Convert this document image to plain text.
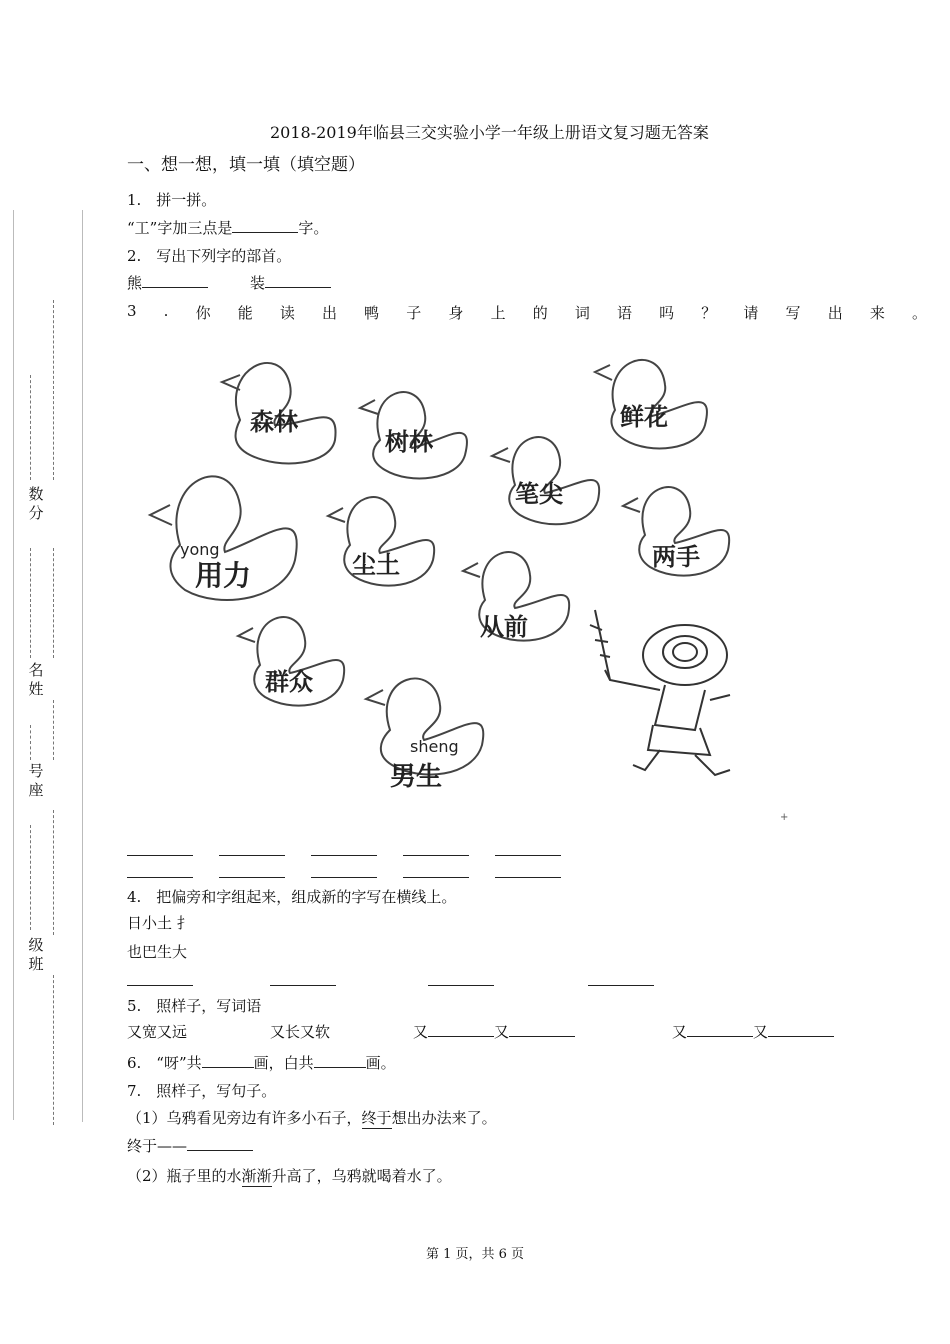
数分
名姓
号座
级班
2018-2019年临县三交实验小学一年级上册语文复习题无答案
一、想一想，填一填（填空题）
1.　拼一拼。
“工”字加三点是	字。
2.　写出下列字的部首。
熊	装
3 . 你 能 读 出 鸭 子 身 上 的 词 语 吗 ？ 请 写 出 来 。
森林
树林
鲜花
笔尖
yong
用力	尘土	两手
从前
群众
sheng
男生
+
4.　把偏旁和字组起来，组成新的字写在横线上。
日小土 扌
也巴生大
5.　照样子，写词语
又宽又远	又长又软	又	又	又	又
6.　“呀”共	画，白共	画。
7.　照样子，写句子。
（1）乌鸦看见旁边有许多小石子，终于想出办法来了。
终于——
（2）瓶子里的水渐渐升高了，乌鸦就喝着水了。
第 1 页，共 6 页
